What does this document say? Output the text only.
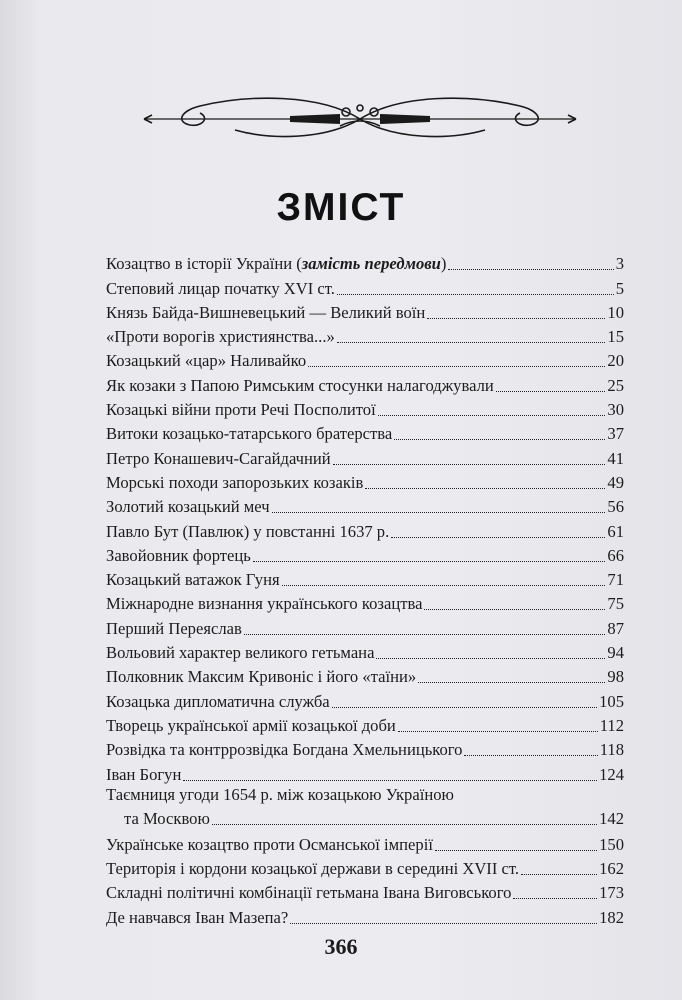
ЗМІСТ
Козацтво в історії України (замість передмови)	3
Степовий лицар початку XVI ст.	5
Князь Байда-Вишневецький — Великий воїн	10
«Проти ворогів християнства...»	15
Козацький «цар» Наливайко	20
Як козаки з Папою Римським стосунки налагоджували	25
Козацькі війни проти Речі Посполитої	30
Витоки козацько-татарського братерства	37
Петро Конашевич-Сагайдачний	41
Морські походи запорозьких козаків	49
Золотий козацький меч	56
Павло Бут (Павлюк) у повстанні 1637 р.	61
Завойовник фортець	66
Козацький ватажок Гуня	71
Міжнародне визнання українського козацтва	75
Перший Переяслав	87
Вольовий характер великого гетьмана	94
Полковник Максим Кривоніс і його «таїни»	98
Козацька дипломатична служба	105
Творець української армії козацької доби	112
Розвідка та контррозвідка Богдана Хмельницького	118
Іван Богун	124
Таємниця угоди 1654 р. між козацькою Україною
та Москвою	142
Українське козацтво проти Османської імперії	150
Територія і кордони козацької держави в середині XVII ст.	162
Складні політичні комбінації гетьмана Івана Виговського	173
Де навчався Іван Мазепа?	182
366
